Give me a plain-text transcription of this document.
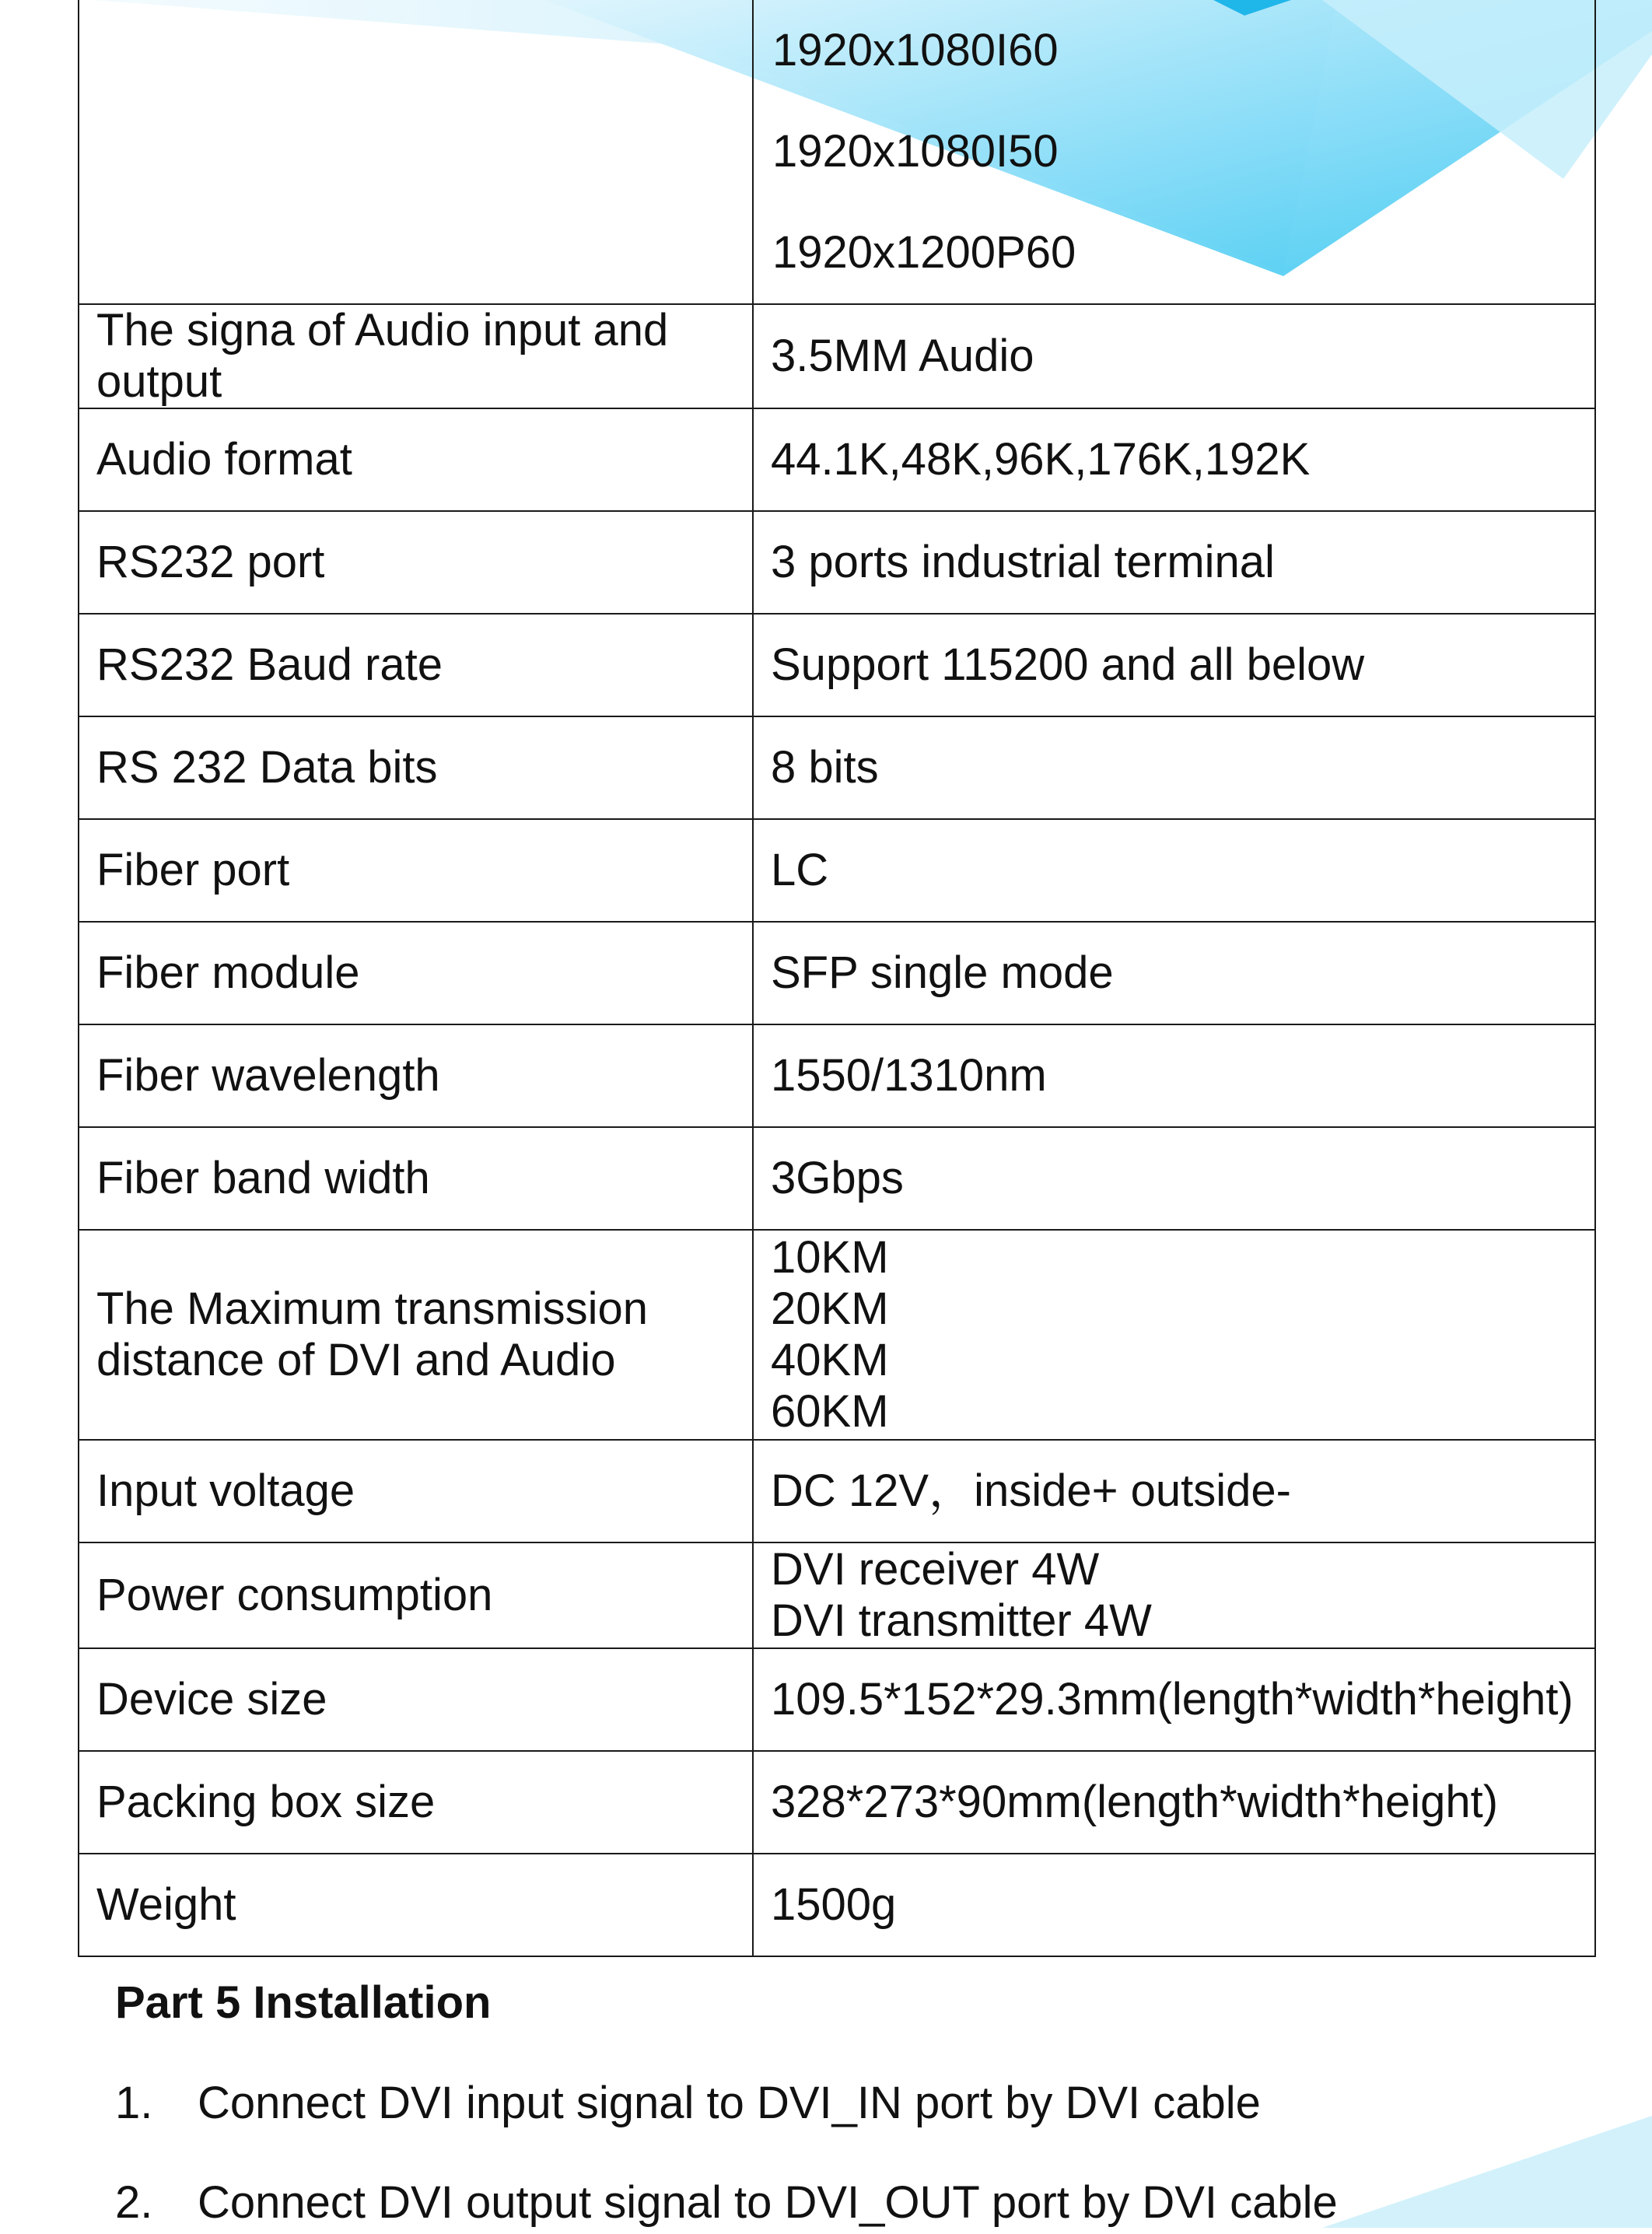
	1920x1080I60
1920x1080I50
1920x1200P60

The signa of Audio input and
output	3.5MM Audio
Audio format	44.1K,48K,96K,176K,192K
RS232 port	3 ports industrial terminal
RS232 Baud rate	Support 115200 and all below
RS 232 Data bits	8 bits
Fiber port	LC
Fiber module	SFP single mode
Fiber wavelength	1550/1310nm
Fiber band width	3Gbps
The Maximum transmission
distance of DVI and Audio	10KM
20KM
40KM
60KM
Input voltage	DC 12V，inside+ outside-
Power consumption	DVI receiver 4W
DVI transmitter 4W
Device size	109.5*152*29.3mm(length*width*height)
Packing box size	328*273*90mm(length*width*height)
Weight	1500g
Part 5 Installation
1. Connect DVI input signal to DVI_IN port by DVI cable
2. Connect DVI output signal to DVI_OUT port by DVI cable
